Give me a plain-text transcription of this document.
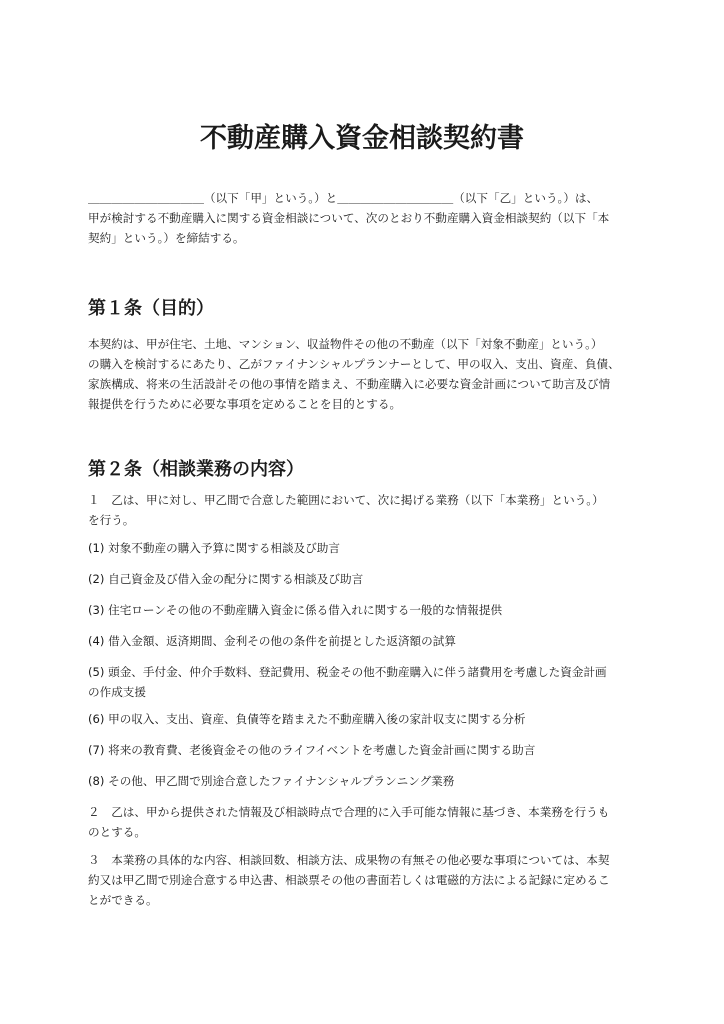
不動産購入資金相談契約書
＿＿＿＿＿＿＿＿＿＿（以下「甲」という。）と＿＿＿＿＿＿＿＿＿＿（以下「乙」という。）は、
甲が検討する不動産購入に関する資金相談について、次のとおり不動産購入資金相談契約（以下「本
契約」という。）を締結する。
第１条（目的）
本契約は、甲が住宅、土地、マンション、収益物件その他の不動産（以下「対象不動産」という。）
の購入を検討するにあたり、乙がファイナンシャルプランナーとして、甲の収入、支出、資産、負債、
家族構成、将来の生活設計その他の事情を踏まえ、不動産購入に必要な資金計画について助言及び情
報提供を行うために必要な事項を定めることを目的とする。
第２条（相談業務の内容）
１　乙は、甲に対し、甲乙間で合意した範囲において、次に掲げる業務（以下「本業務」という。）
を行う。
(1) 対象不動産の購入予算に関する相談及び助言
(2) 自己資金及び借入金の配分に関する相談及び助言
(3) 住宅ローンその他の不動産購入資金に係る借入れに関する一般的な情報提供
(4) 借入金額、返済期間、金利その他の条件を前提とした返済額の試算
(5) 頭金、手付金、仲介手数料、登記費用、税金その他不動産購入に伴う諸費用を考慮した資金計画
の作成支援
(6) 甲の収入、支出、資産、負債等を踏まえた不動産購入後の家計収支に関する分析
(7) 将来の教育費、老後資金その他のライフイベントを考慮した資金計画に関する助言
(8) その他、甲乙間で別途合意したファイナンシャルプランニング業務
２　乙は、甲から提供された情報及び相談時点で合理的に入手可能な情報に基づき、本業務を行うも
のとする。
３　本業務の具体的な内容、相談回数、相談方法、成果物の有無その他必要な事項については、本契
約又は甲乙間で別途合意する申込書、相談票その他の書面若しくは電磁的方法による記録に定めるこ
とができる。
